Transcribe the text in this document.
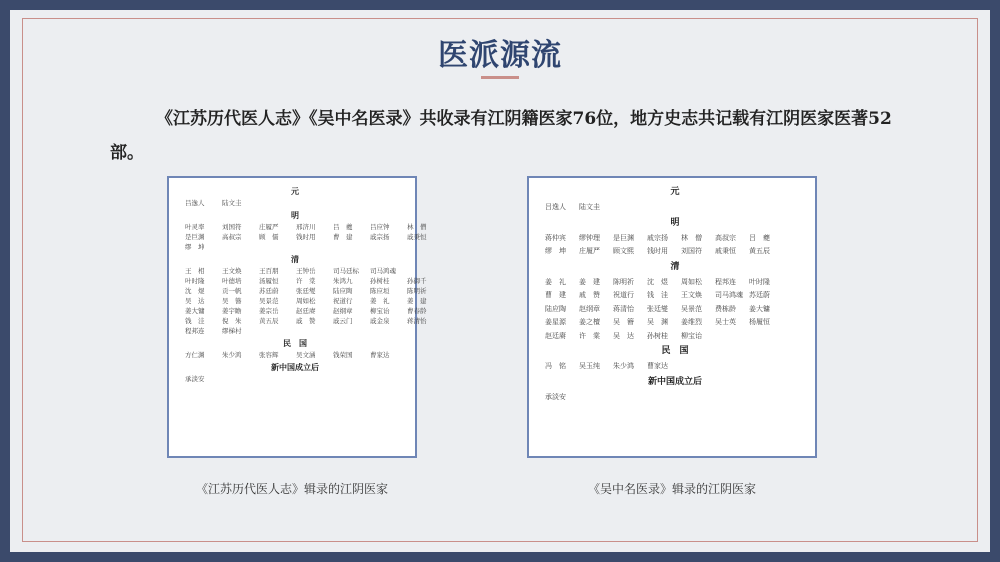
医派源流

《江苏历代医人志》《吴中名医录》共收录有江阴籍医家76位，地方史志共记载有江阴医家医著52部。

元
吕逸人	陆文圭
明
叶灵率	刘国符	庄履严	邢济川	吕　夔	吕应钟	林　僧
是巨渊	高叔宗	顾　儒	钱时用	曹　建	戚宗扬	戚秉恒
缪　坤
清
王　相	王文焕	王百朋	王钟岳	司马廷标 司马鸿魂
叶时隆	叶德培	汤履恒	许　棠	朱鸿九	孙树桂	孙御千
沈　煜	贡一帆	苏廷蔚	张廷燮	陆应陶	陈应垣	陈明祈
吴　达	吴　簪	吴景范	周如松	祝道行	姜　礼	姜　建
姜大镛	姜宇瞻	姜宗岳	赵廷赓	赵纲章	柳宝诒	曹春龄
钱　洼	倪　朱	黄五辰	戚　赞	戚云门	戚金泉	蒋清怡
程邦连	缪梯村
民　国
方仁渊	朱少鸿	张容辉	吴文涵	钱荣国	曹家达
新中国成立后
承淡安
元
吕逸人 陆文圭
明
蒋仲宾 缪钟理 是巨渊 戚宗扬 林　僧 高叔宗 吕　夔
缪　坤 庄履严 顾文熙 钱时用 刘国符 戚秉恒 黄五辰
清
姜　礼 姜　建 陈明祈 沈　煜 周如松 程邦连 叶时隆
曹　建 戚　赞 祝道行 钱　洼 王文焕 司马鸿魂 苏廷蔚
陆应陶 赵纲章 蒋清怡 张廷燮 吴景范 费栋龄 姜大镛
姜星源 姜之檀 吴　簪 吴　渊 姜维烈 吴士英 杨履恒
赵廷赓 许　棠 吴　达 孙树桂 柳宝诒
民　国
冯　铭 吴玉纯 朱少鸿 曹家达
新中国成立后
承淡安
《江苏历代医人志》辑录的江阴医家	《吴中名医录》辑录的江阴医家
